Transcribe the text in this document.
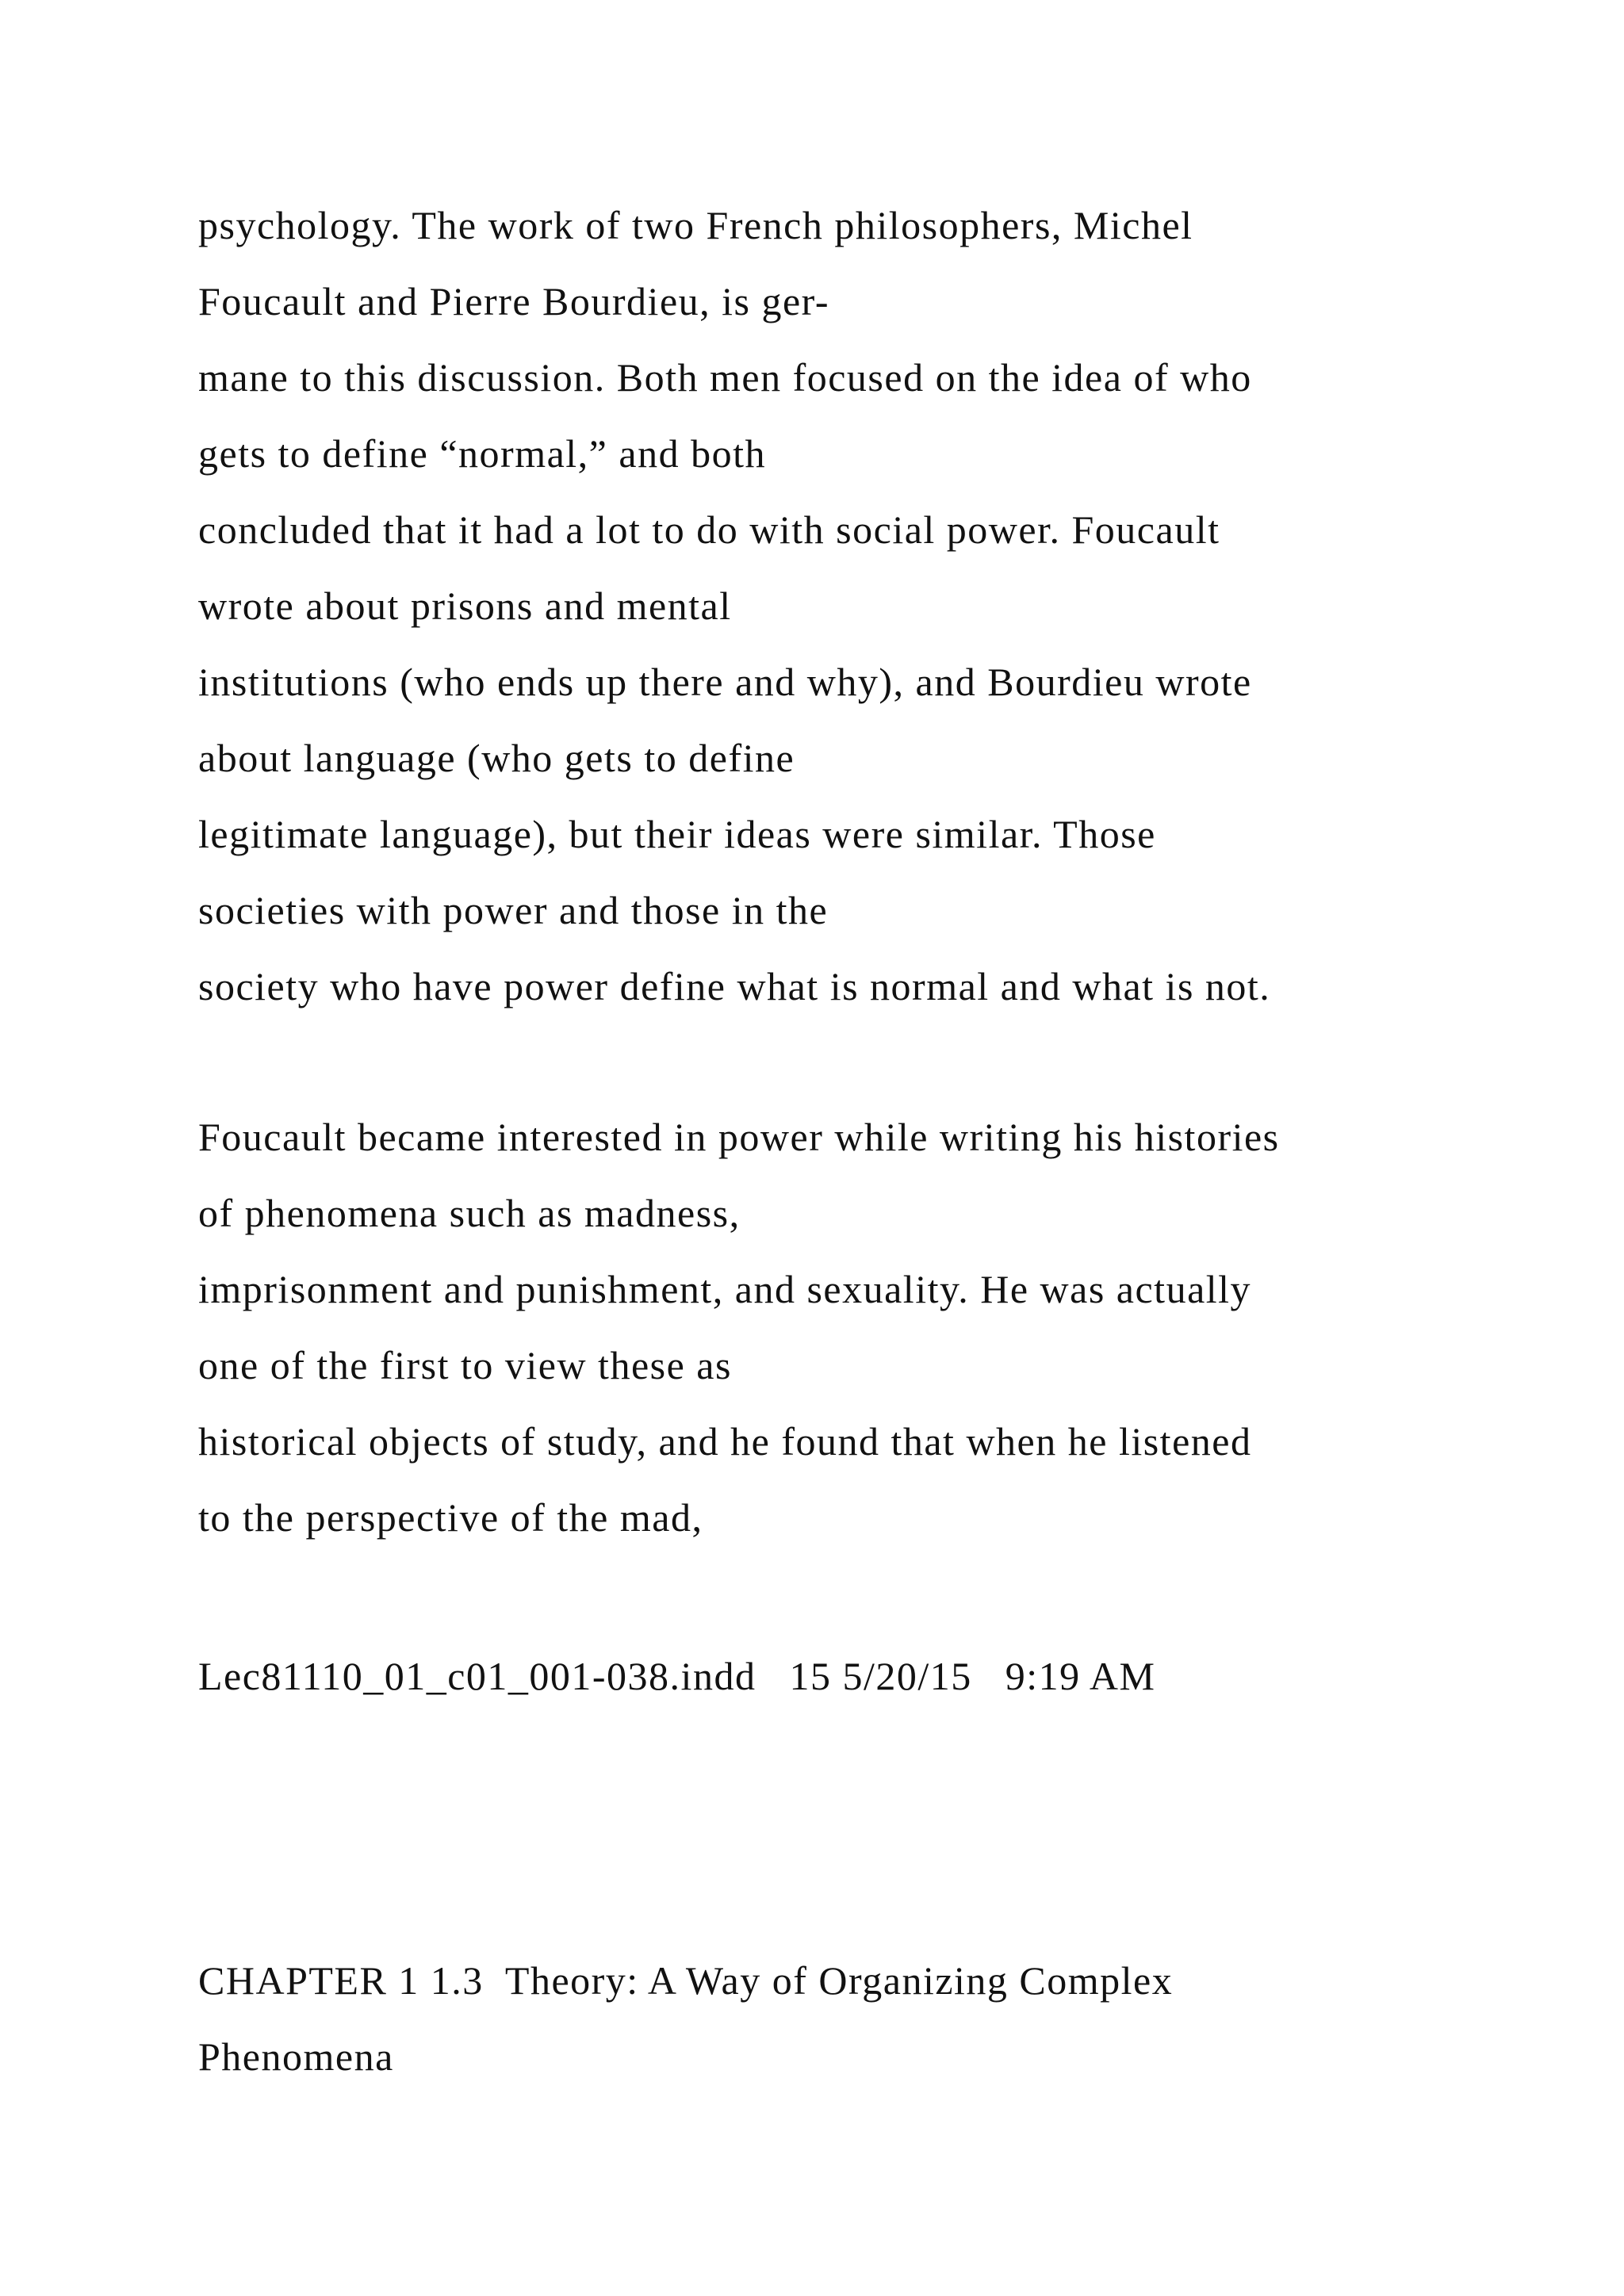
psychology. The work of two French philosophers, Michel
Foucault and Pierre Bourdieu, is ger-
mane to this discussion. Both men focused on the idea of who
gets to define “normal,” and both
concluded that it had a lot to do with social power. Foucault
wrote about prisons and mental
institutions (who ends up there and why), and Bourdieu wrote
about language (who gets to define
legitimate language), but their ideas were similar. Those
societies with power and those in the
society who have power define what is normal and what is not.

Foucault became interested in power while writing his histories
of phenomena such as madness,
imprisonment and punishment, and sexuality. He was actually
one of the first to view these as
historical objects of study, and he found that when he listened
to the perspective of the mad,

Lec81110_01_c01_001-038.indd   15 5/20/15   9:19 AM

CHAPTER 1 1.3  Theory: A Way of Organizing Complex
Phenomena
